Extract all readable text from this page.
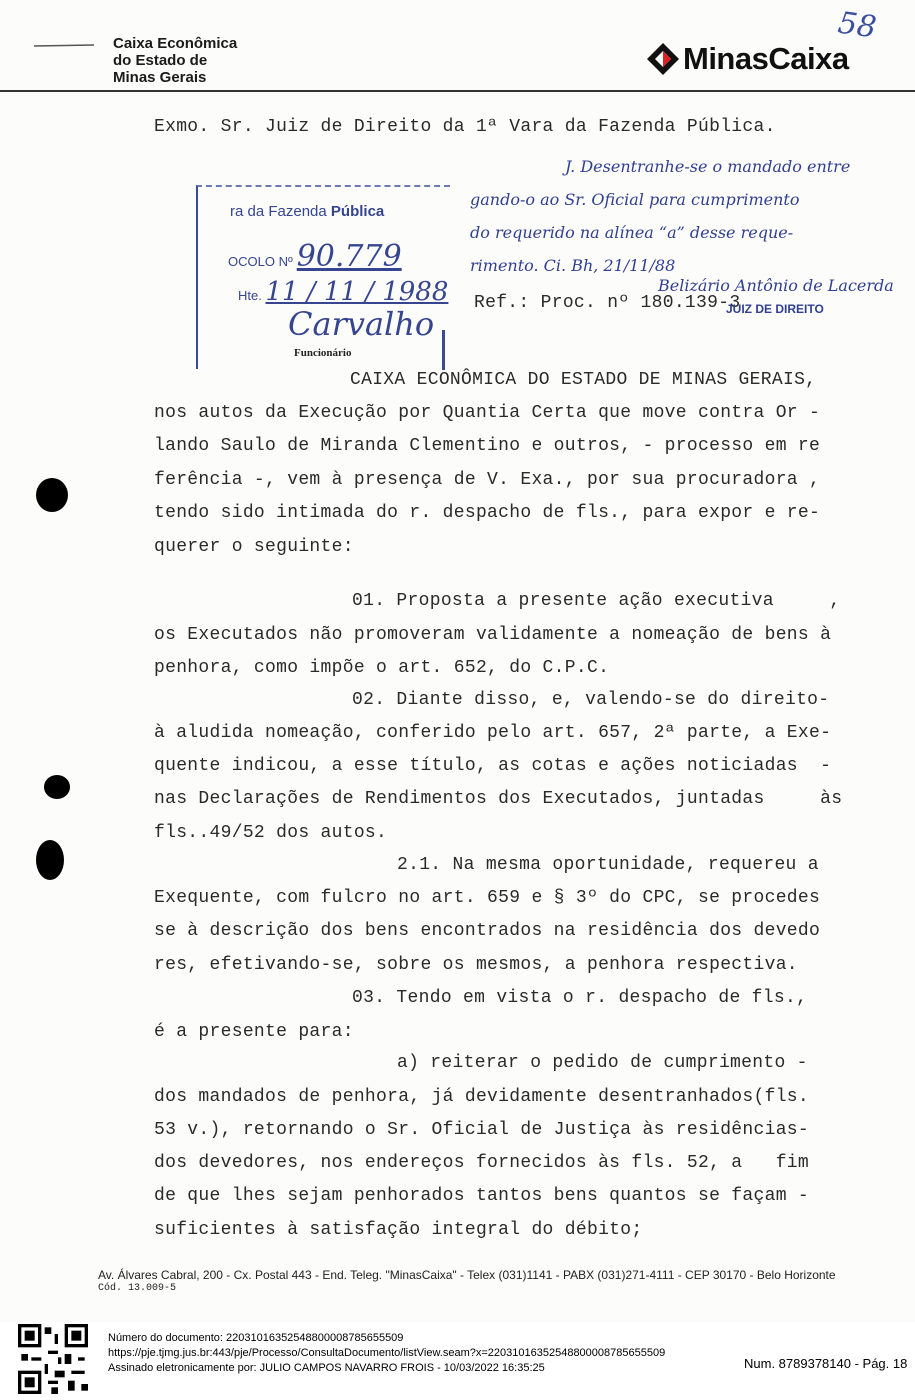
Caixa Econômica
do Estado de
Minas Gerais
MinasCaixa
58
Exmo. Sr. Juiz de Direito da 1ª Vara da Fazenda Pública.
ra da Fazenda Pública
OCOLO Nº 90.779
Hte. 11 / 11 / 1988
Carvalho
Funcionário
J. Desentranhe-se o mandado entre
gando-o ao Sr. Oficial para cumprimento
do requerido na alínea “a” desse reque-
rimento. Ci. Bh, 21/11/88
Belizário Antônio de Lacerda
Ref.: Proc. nº 180.139-3
JUIZ DE DIREITO
CAIXA ECONÔMICA DO ESTADO DE MINAS GERAIS,
nos autos da Execução por Quantia Certa que move contra Or -
lando Saulo de Miranda Clementino e outros, - processo em re
ferência -, vem à presença de V. Exa., por sua procuradora ,
tendo sido intimada do r. despacho de fls., para expor e re-
querer o seguinte:
01. Proposta a presente ação executiva     ,
os Executados não promoveram validamente a nomeação de bens à
penhora, como impõe o art. 652, do C.P.C.
02. Diante disso, e, valendo-se do direito-
à aludida nomeação, conferido pelo art. 657, 2ª parte, a Exe-
quente indicou, a esse título, as cotas e ações noticiadas  -
nas Declarações de Rendimentos dos Executados, juntadas     às
fls..49/52 dos autos.
2.1. Na mesma oportunidade, requereu a
Exequente, com fulcro no art. 659 e § 3º do CPC, se procedes
se à descrição dos bens encontrados na residência dos devedo
res, efetivando-se, sobre os mesmos, a penhora respectiva.
03. Tendo em vista o r. despacho de fls.,
é a presente para:
a) reiterar o pedido de cumprimento -
dos mandados de penhora, já devidamente desentranhados(fls.
53 v.), retornando o Sr. Oficial de Justiça às residências-
dos devedores, nos endereços fornecidos às fls. 52, a   fim
de que lhes sejam penhorados tantos bens quantos se façam -
suficientes à satisfação integral do débito;
Av. Álvares Cabral, 200 - Cx. Postal 443 - End. Teleg. "MinasCaixa" - Telex (031)1141 - PABX (031)271-4111 - CEP 30170 - Belo Horizonte
Cód. 13.009-5
Número do documento: 22031016352548800008785655509
https://pje.tjmg.jus.br:443/pje/Processo/ConsultaDocumento/listView.seam?x=22031016352548800008785655509
Assinado eletronicamente por: JULIO CAMPOS NAVARRO FROIS - 10/03/2022 16:35:25	Num. 8789378140 - Pág. 18
